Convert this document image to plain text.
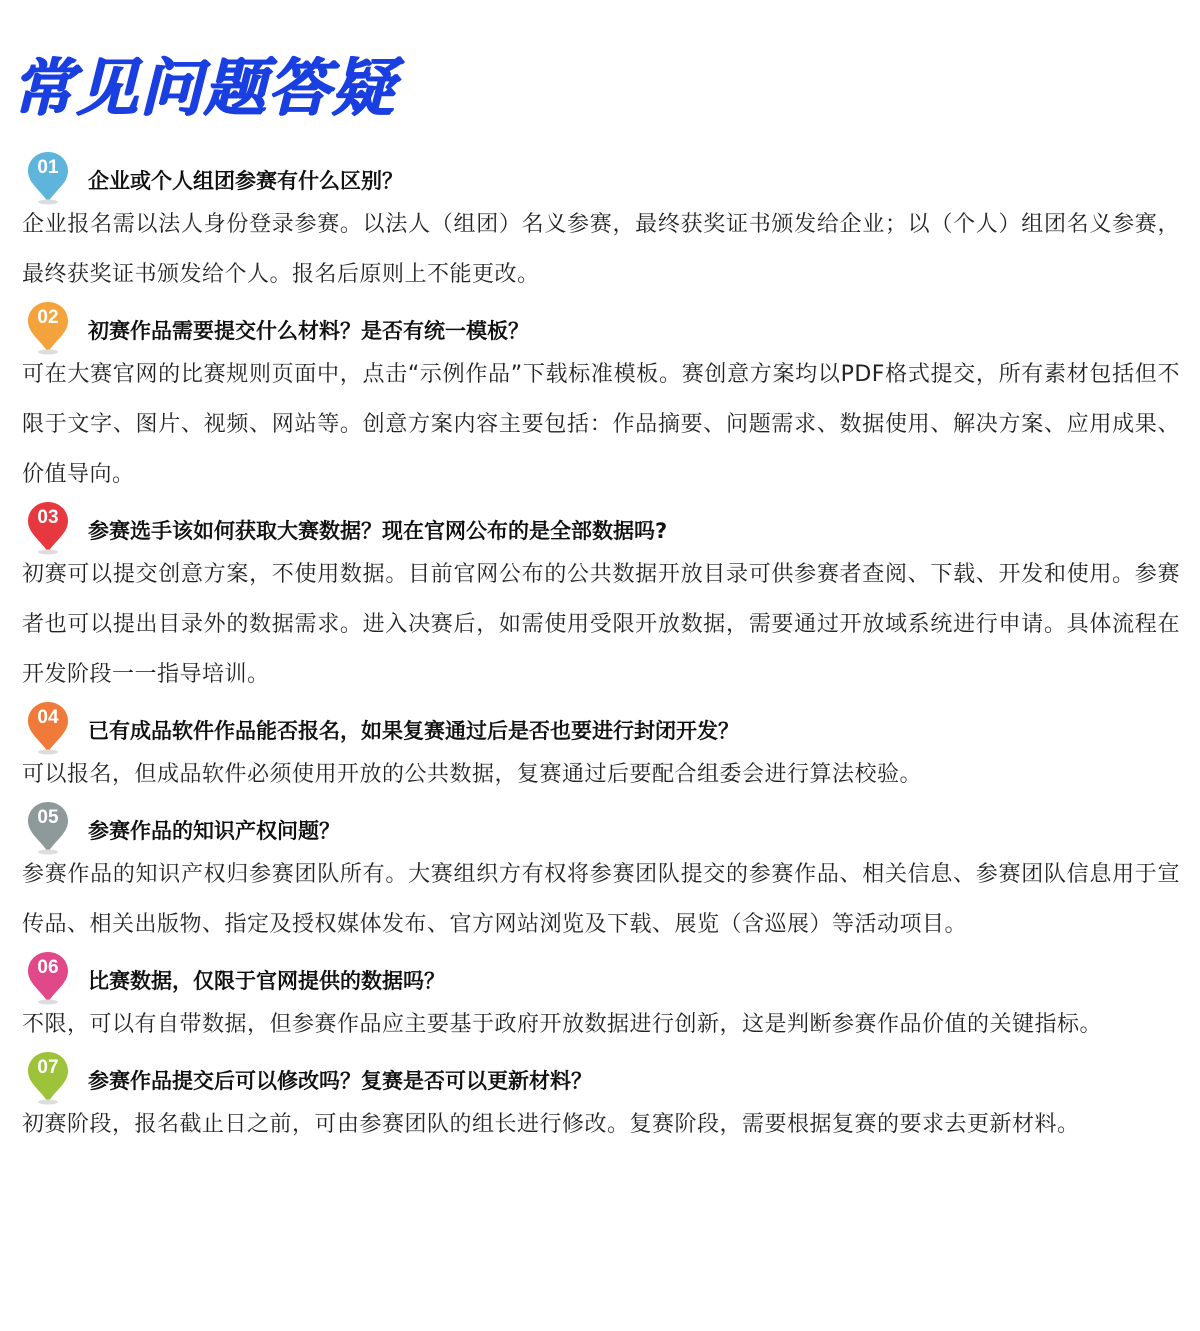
常见问题答疑
01
企业或个人组团参赛有什么区别？
企业报名需以法人身份登录参赛。以法人（组团）名义参赛，最终获奖证书颁发给企业；以（个人）组团名义参赛，最终获奖证书颁发给个人。报名后原则上不能更改。
02
初赛作品需要提交什么材料？是否有统一模板？
可在大赛官网的比赛规则页面中，点击“示例作品”下载标准模板。赛创意方案均以PDF格式提交，所有素材包括但不限于文字、图片、视频、网站等。创意方案内容主要包括：作品摘要、问题需求、数据使用、解决方案、应用成果、价值导向。
03
参赛选手该如何获取大赛数据？现在官网公布的是全部数据吗?
初赛可以提交创意方案，不使用数据。目前官网公布的公共数据开放目录可供参赛者查阅、下载、开发和使用。参赛者也可以提出目录外的数据需求。进入决赛后，如需使用受限开放数据，需要通过开放域系统进行申请。具体流程在开发阶段一一指导培训。
04
已有成品软件作品能否报名，如果复赛通过后是否也要进行封闭开发？
可以报名，但成品软件必须使用开放的公共数据，复赛通过后要配合组委会进行算法校验。
05
参赛作品的知识产权问题？
参赛作品的知识产权归参赛团队所有。大赛组织方有权将参赛团队提交的参赛作品、相关信息、参赛团队信息用于宣传品、相关出版物、指定及授权媒体发布、官方网站浏览及下载、展览（含巡展）等活动项目。
06
比赛数据，仅限于官网提供的数据吗？
不限，可以有自带数据，但参赛作品应主要基于政府开放数据进行创新，这是判断参赛作品价值的关键指标。
07
参赛作品提交后可以修改吗？复赛是否可以更新材料？
初赛阶段，报名截止日之前，可由参赛团队的组长进行修改。复赛阶段，需要根据复赛的要求去更新材料。
